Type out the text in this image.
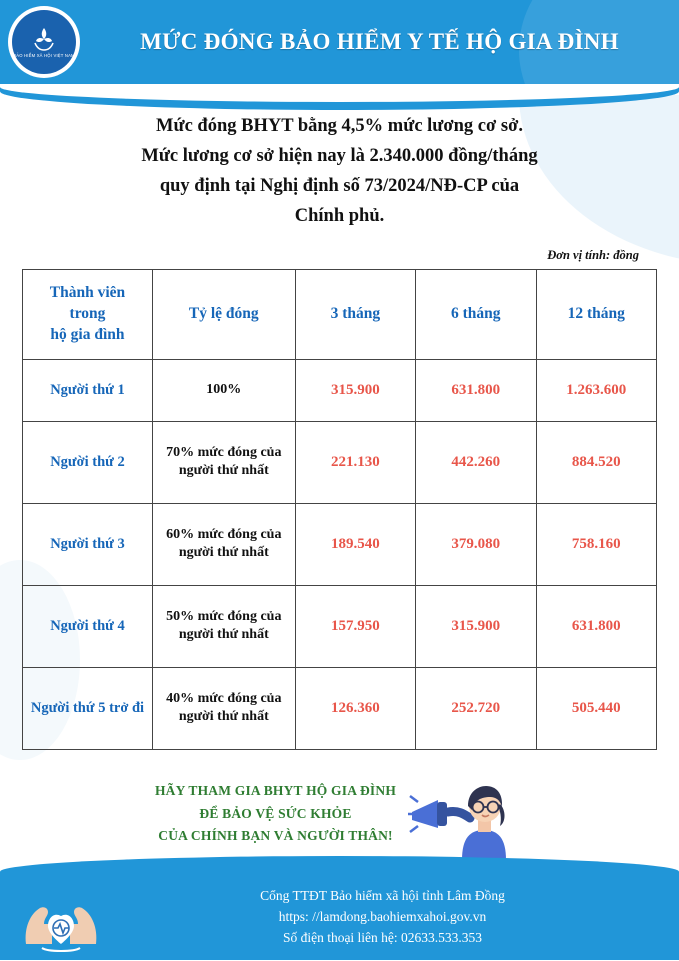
BẢO HIỂM XÃ HỘI VIỆT NAM
MỨC ĐÓNG BẢO HIỂM Y TẾ HỘ GIA ĐÌNH
Mức đóng BHYT bằng 4,5% mức lương cơ sở.
Mức lương cơ sở hiện nay là 2.340.000 đồng/tháng
quy định tại Nghị định số 73/2024/NĐ-CP của
Chính phủ.
Đơn vị tính: đồng
Thành viên
trong
hộ gia đình	Tỷ lệ đóng	3 tháng	6 tháng	12 tháng
Người thứ 1	100%	315.900	631.800	1.263.600
Người thứ 2	70% mức đóng của người thứ nhất	221.130	442.260	884.520
Người thứ 3	60% mức đóng của người thứ nhất	189.540	379.080	758.160
Người thứ 4	50% mức đóng của người thứ nhất	157.950	315.900	631.800
Người thứ 5 trở đi	40% mức đóng của người thứ nhất	126.360	252.720	505.440
HÃY THAM GIA BHYT HỘ GIA ĐÌNH
ĐỂ BẢO VỆ SỨC KHỎE
CỦA CHÍNH BẠN VÀ NGƯỜI THÂN!
Cổng TTĐT Bảo hiểm xã hội tỉnh Lâm Đồng
https: //lamdong.baohiemxahoi.gov.vn
Số điện thoại liên hệ: 02633.533.353
